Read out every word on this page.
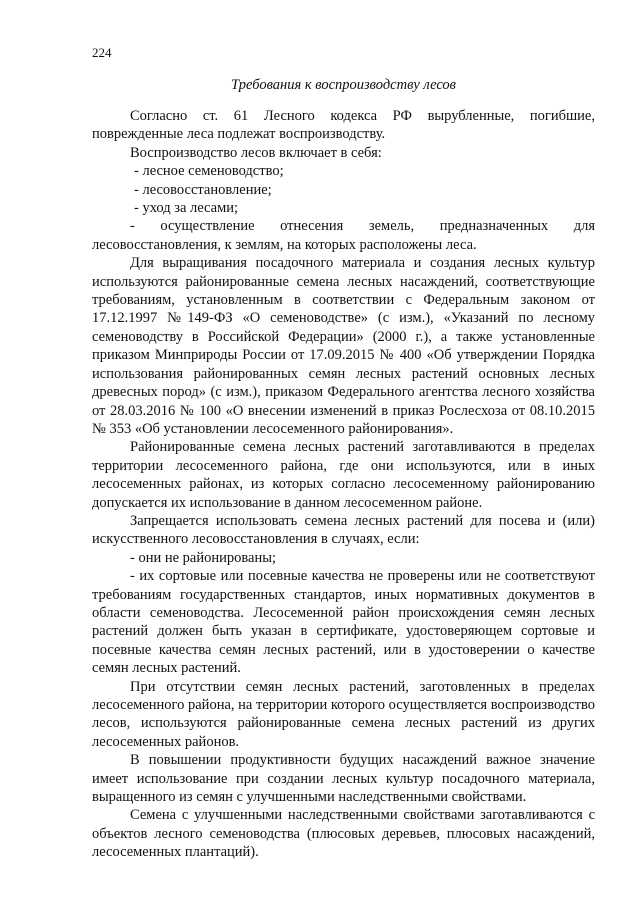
224
Требования к воспроизводству лесов

Согласно ст. 61 Лесного кодекса РФ вырубленные, погибшие, поврежденные леса подлежат воспроизводству.

Воспроизводство лесов включает в себя:

- лесное семеноводство;

- лесовосстановление;

- уход за лесами;

- осуществление отнесения земель, предназначенных для лесовосстановления, к землям, на которых расположены леса.

Для выращивания посадочного материала и создания лесных культур используются районированные семена лесных насаждений, соответствующие требованиям, установленным в соответствии с Федеральным законом от 17.12.1997 №149-ФЗ «О семеноводстве» (с изм.), «Указаний по лесному семеноводству в Российской Федерации» (2000 г.), а также установленные приказом Минприроды России от 17.09.2015 № 400 «Об утверждении Порядка использования районированных семян лесных растений основных лесных древесных пород» (с изм.), приказом Федерального агентства лесного хозяйства от 28.03.2016 № 100 «О внесении изменений в приказ Рослесхоза от 08.10.2015 № 353 «Об установлении лесосеменного районирования».

Районированные семена лесных растений заготавливаются в пределах территории лесосеменного района, где они используются, или в иных лесосеменных районах, из которых согласно лесосеменному районированию допускается их использование в данном лесосеменном районе.

Запрещается использовать семена лесных растений для посева и (или) искусственного лесовосстановления в случаях, если:

- они не районированы;

- их сортовые или посевные качества не проверены или не соответствуют требованиям государственных стандартов, иных нормативных документов в области семеноводства. Лесосеменной район происхождения семян лесных растений должен быть указан в сертификате, удостоверяющем сортовые и посевные качества семян лесных растений, или в удостоверении о качестве семян лесных растений.

При отсутствии семян лесных растений, заготовленных в пределах лесосеменного района, на территории которого осуществляется воспроизводство лесов, используются районированные семена лесных растений из других лесосеменных районов.

В повышении продуктивности будущих насаждений важное значение имеет использование при создании лесных культур посадочного материала, выращенного из семян с улучшенными наследственными свойствами.

Семена с улучшенными наследственными свойствами заготавливаются с объектов лесного семеноводства (плюсовых деревьев, плюсовых насаждений, лесосеменных плантаций).
